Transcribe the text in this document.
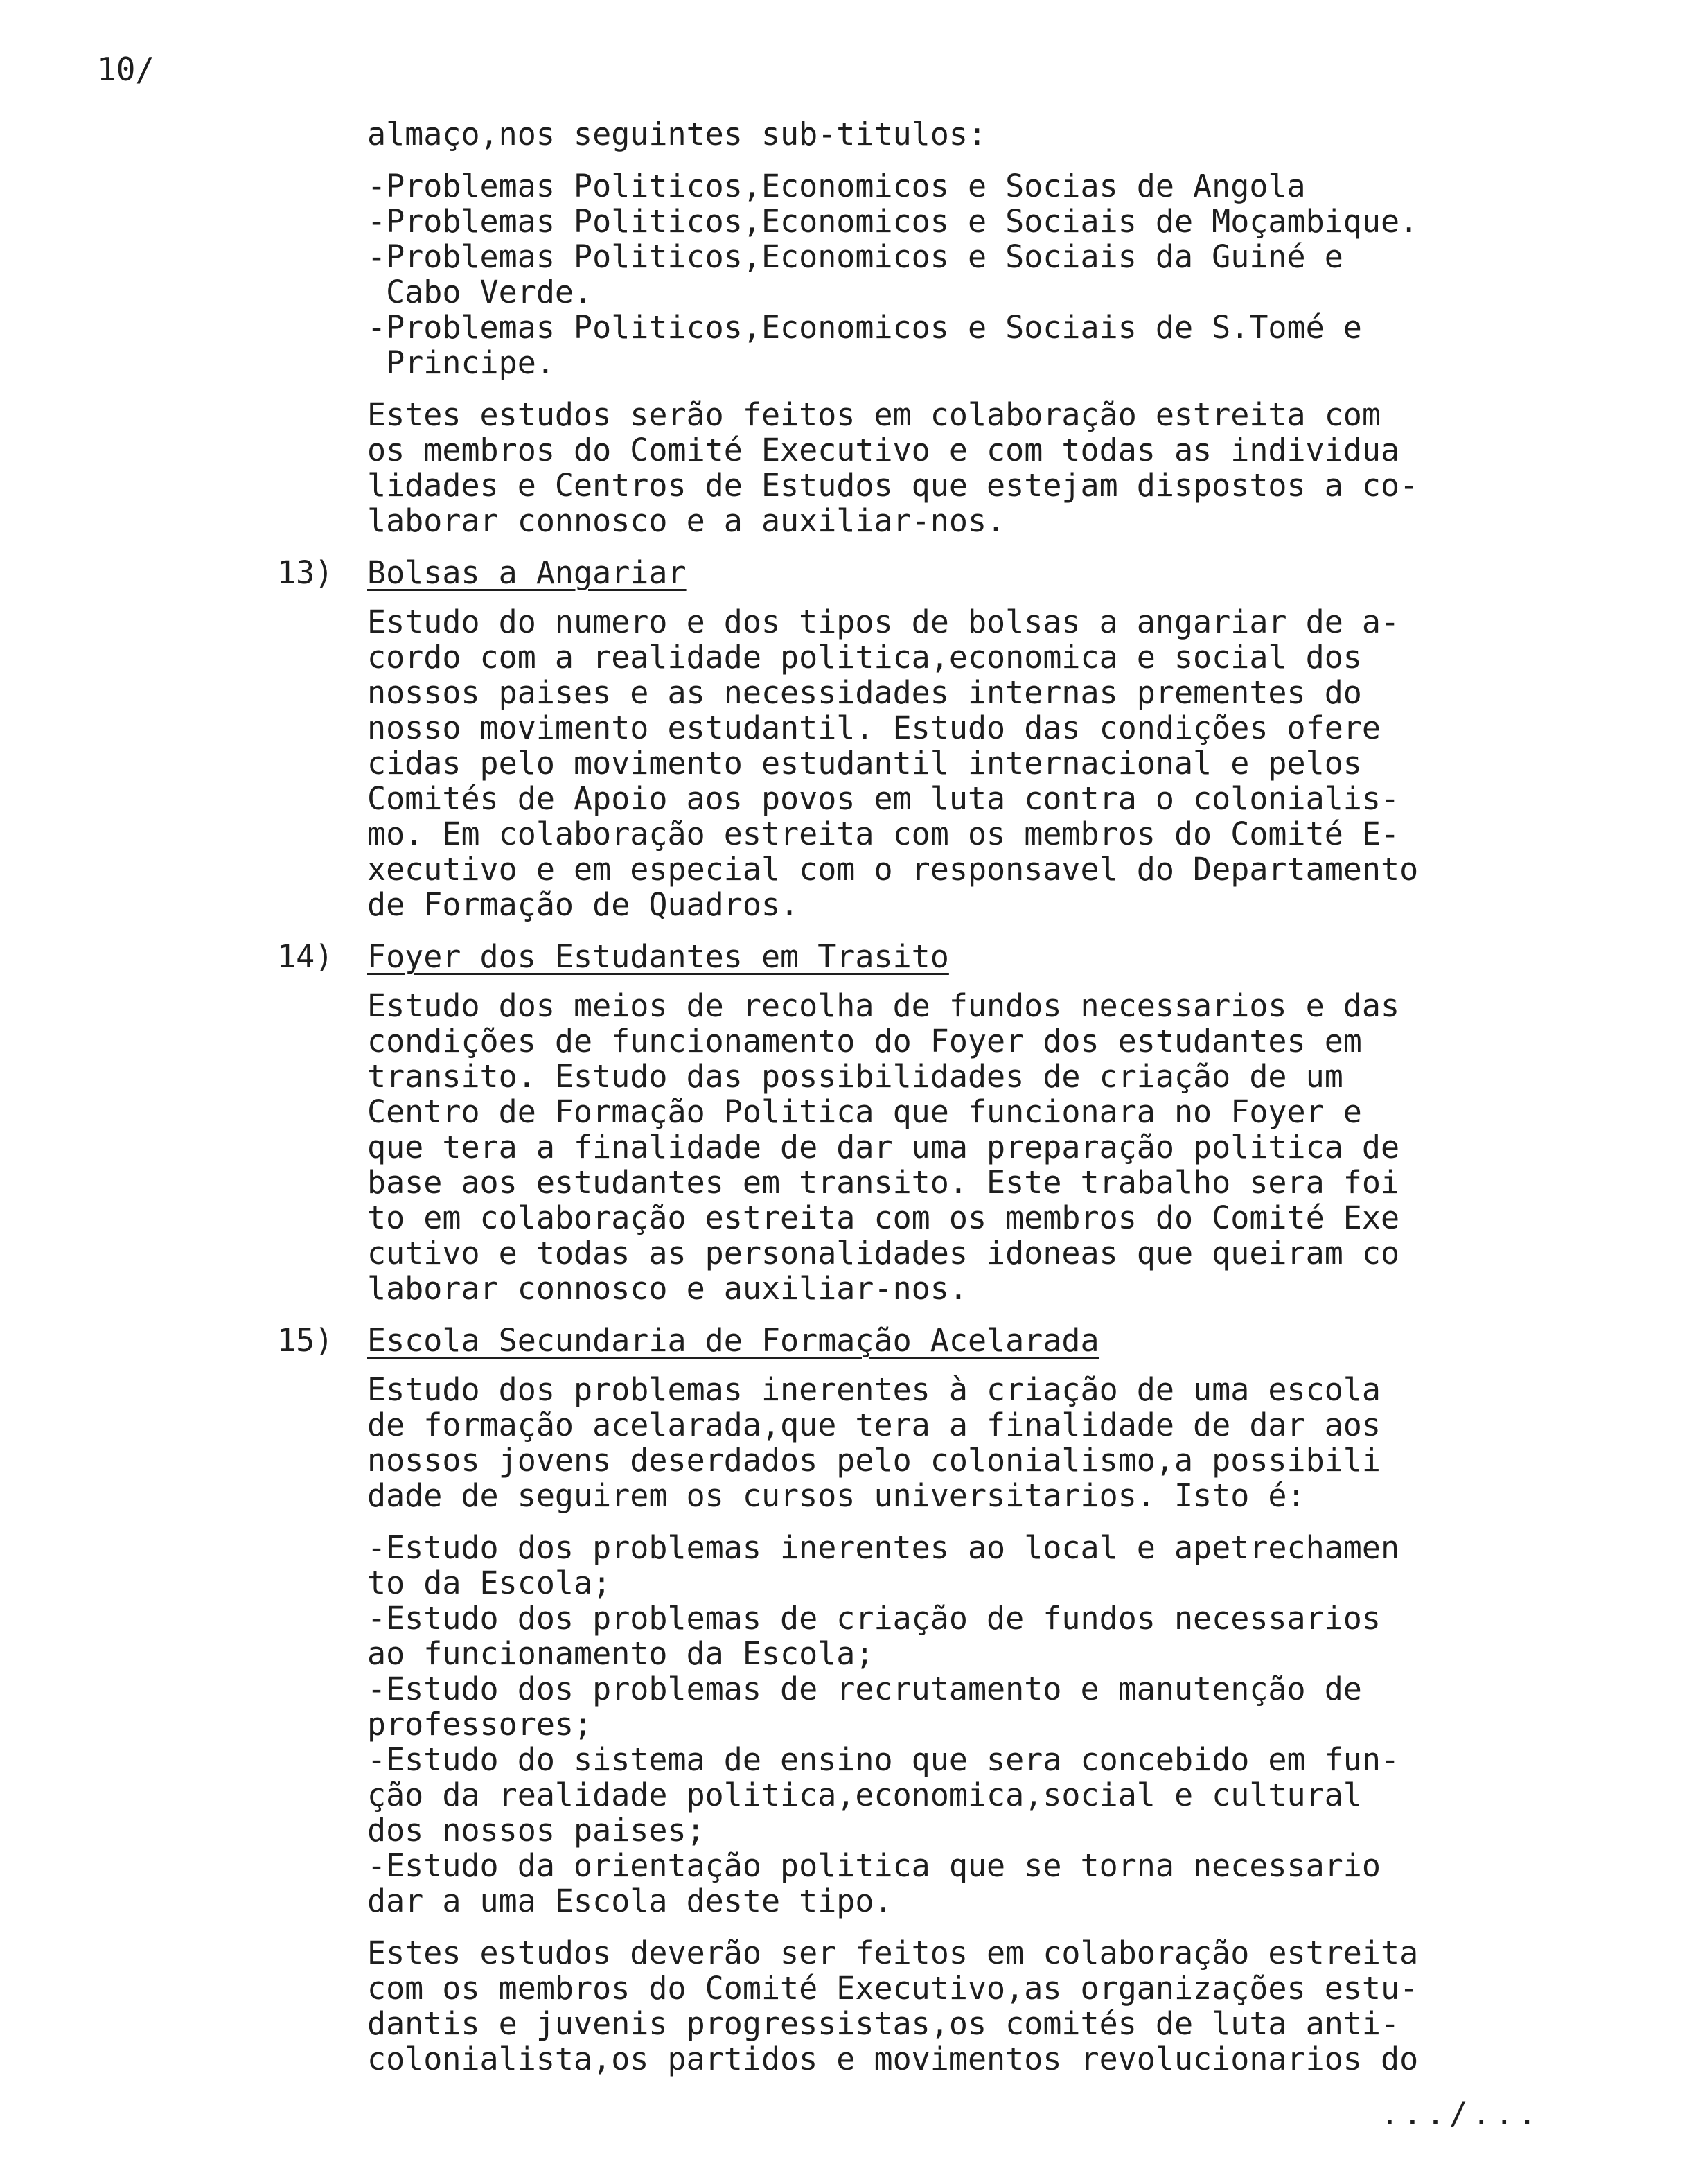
10/
almaço,nos seguintes sub-titulos:
-Problemas Politicos,Economicos e Socias de Angola
-Problemas Politicos,Economicos e Sociais de Moçambique.
-Problemas Politicos,Economicos e Sociais da Guiné e
Cabo Verde.
-Problemas Politicos,Economicos e Sociais de S.Tomé e
Principe.
Estes estudos serão feitos em colaboração estreita com
os membros do Comité Executivo e com todas as individua
lidades e Centros de Estudos que estejam dispostos a co-
laborar connosco e a auxiliar-nos.
13) Bolsas a Angariar
Estudo do numero e dos tipos de bolsas a angariar de a-
cordo com a realidade politica,economica e social dos
nossos paises e as necessidades internas prementes do
nosso movimento estudantil. Estudo das condições ofere
cidas pelo movimento estudantil internacional e pelos
Comités de Apoio aos povos em luta contra o colonialis-
mo. Em colaboração estreita com os membros do Comité E-
xecutivo e em especial com o responsavel do Departamento
de Formação de Quadros.
14) Foyer dos Estudantes em Trasito
Estudo dos meios de recolha de fundos necessarios e das
condições de funcionamento do Foyer dos estudantes em
transito. Estudo das possibilidades de criação de um
Centro de Formação Politica que funcionara no Foyer e
que tera a finalidade de dar uma preparação politica de
base aos estudantes em transito. Este trabalho sera foi
to em colaboração estreita com os membros do Comité Exe
cutivo e todas as personalidades idoneas que queiram co
laborar connosco e auxiliar-nos.
15) Escola Secundaria de Formação Acelarada
Estudo dos problemas inerentes à criação de uma escola
de formação acelarada,que tera a finalidade de dar aos
nossos jovens deserdados pelo colonialismo,a possibili
dade de seguirem os cursos universitarios. Isto é:
-Estudo dos problemas inerentes ao local e apetrechamen
to da Escola;
-Estudo dos problemas de criação de fundos necessarios
ao funcionamento da Escola;
-Estudo dos problemas de recrutamento e manutenção de
professores;
-Estudo do sistema de ensino que sera concebido em fun-
ção da realidade politica,economica,social e cultural
dos nossos paises;
-Estudo da orientação politica que se torna necessario
dar a uma Escola deste tipo.
Estes estudos deverão ser feitos em colaboração estreita
com os membros do Comité Executivo,as organizações estu-
dantis e juvenis progressistas,os comités de luta anti-
colonialista,os partidos e movimentos revolucionarios do
.../...
